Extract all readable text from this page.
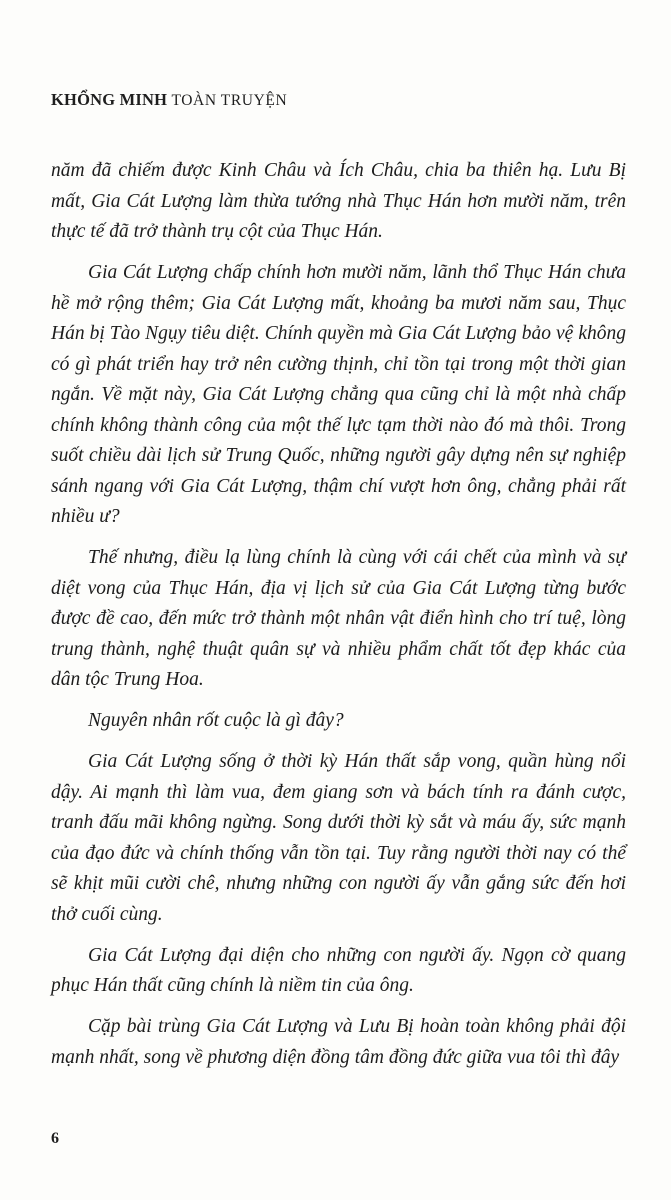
KHỔNG MINH TOÀN TRUYỆN

năm đã chiếm được Kinh Châu và Ích Châu, chia ba thiên hạ. Lưu Bị mất, Gia Cát Lượng làm thừa tướng nhà Thục Hán hơn mười năm, trên thực tế đã trở thành trụ cột của Thục Hán.

Gia Cát Lượng chấp chính hơn mười năm, lãnh thổ Thục Hán chưa hề mở rộng thêm; Gia Cát Lượng mất, khoảng ba mươi năm sau, Thục Hán bị Tào Ngụy tiêu diệt. Chính quyền mà Gia Cát Lượng bảo vệ không có gì phát triển hay trở nên cường thịnh, chỉ tồn tại trong một thời gian ngắn. Về mặt này, Gia Cát Lượng chẳng qua cũng chỉ là một nhà chấp chính không thành công của một thế lực tạm thời nào đó mà thôi. Trong suốt chiều dài lịch sử Trung Quốc, những người gây dựng nên sự nghiệp sánh ngang với Gia Cát Lượng, thậm chí vượt hơn ông, chẳng phải rất nhiều ư?

Thế nhưng, điều lạ lùng chính là cùng với cái chết của mình và sự diệt vong của Thục Hán, địa vị lịch sử của Gia Cát Lượng từng bước được đề cao, đến mức trở thành một nhân vật điển hình cho trí tuệ, lòng trung thành, nghệ thuật quân sự và nhiều phẩm chất tốt đẹp khác của dân tộc Trung Hoa.

Nguyên nhân rốt cuộc là gì đây?

Gia Cát Lượng sống ở thời kỳ Hán thất sắp vong, quần hùng nổi dậy. Ai mạnh thì làm vua, đem giang sơn và bách tính ra đánh cược, tranh đấu mãi không ngừng. Song dưới thời kỳ sắt và máu ấy, sức mạnh của đạo đức và chính thống vẫn tồn tại. Tuy rằng người thời nay có thể sẽ khịt mũi cười chê, nhưng những con người ấy vẫn gắng sức đến hơi thở cuối cùng.

Gia Cát Lượng đại diện cho những con người ấy. Ngọn cờ quang phục Hán thất cũng chính là niềm tin của ông.

Cặp bài trùng Gia Cát Lượng và Lưu Bị hoàn toàn không phải đội mạnh nhất, song về phương diện đồng tâm đồng đức giữa vua tôi thì đây

6
